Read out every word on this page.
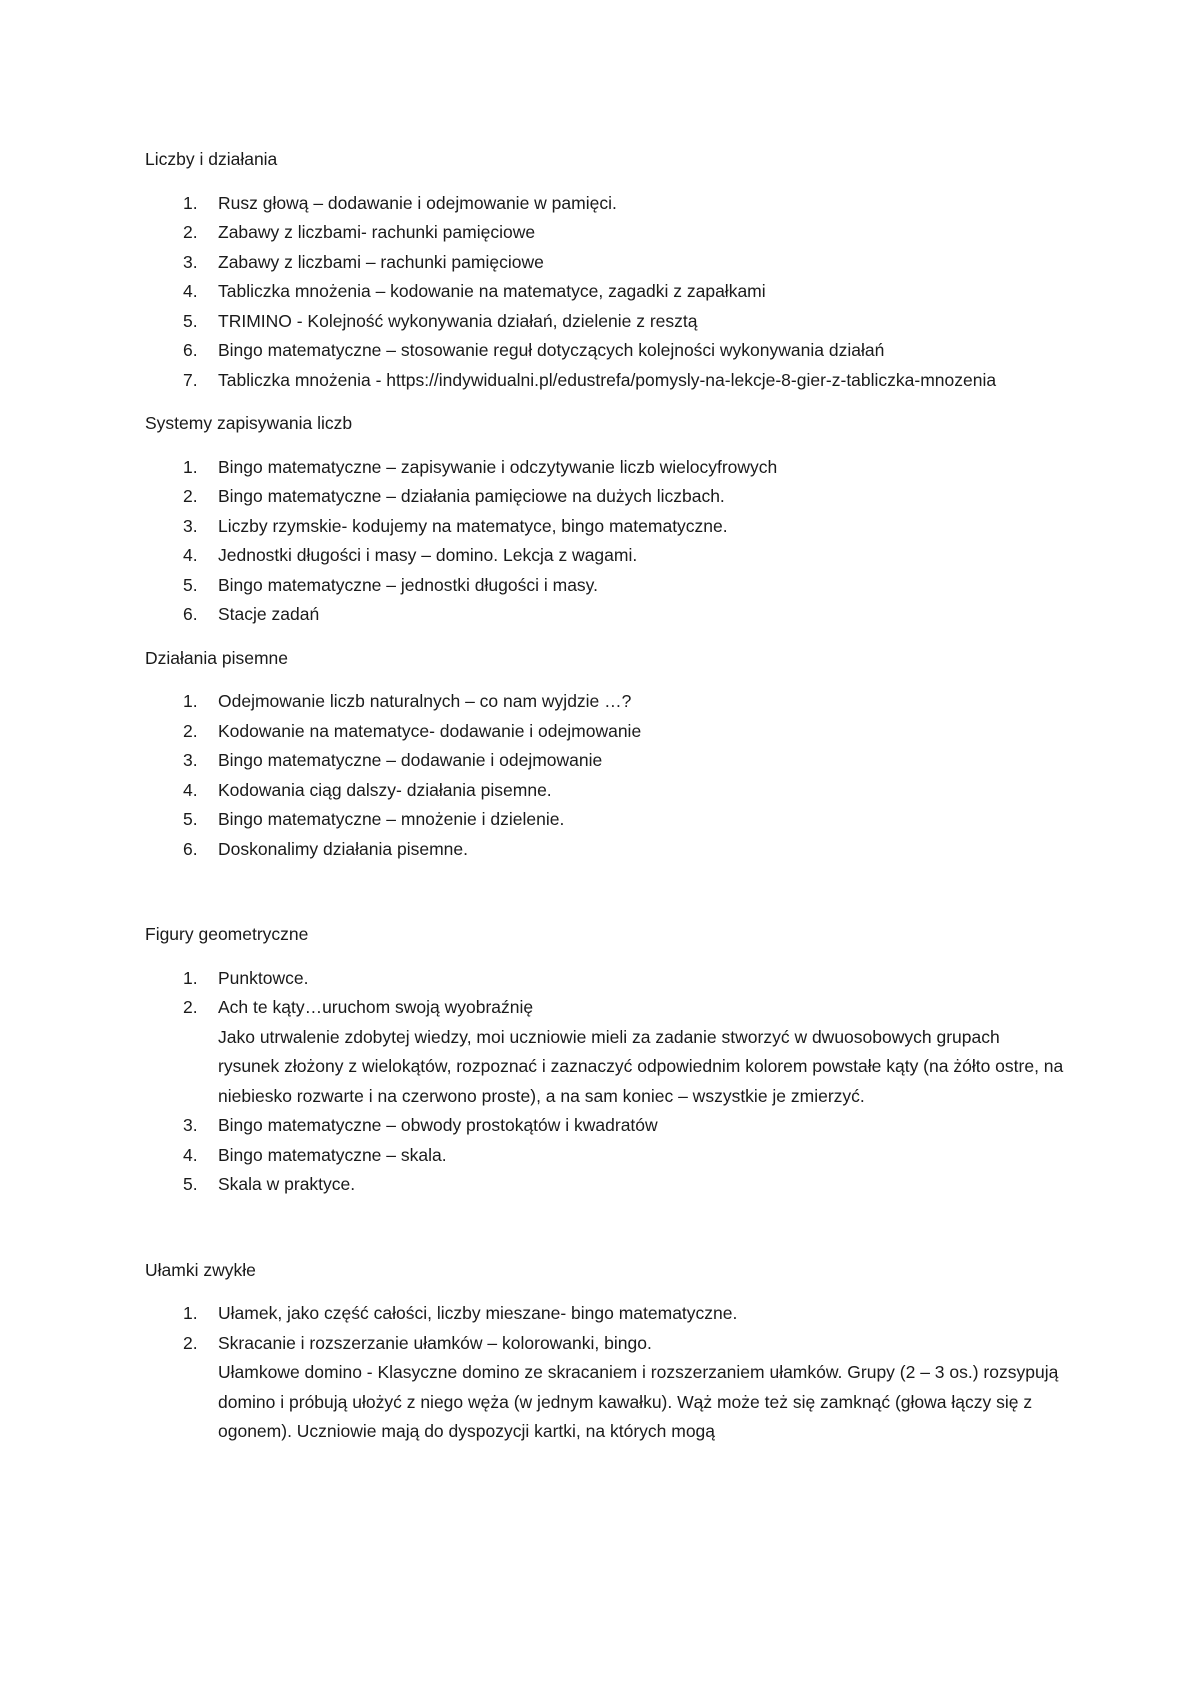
Liczby i działania
1.	Rusz głową – dodawanie i odejmowanie w pamięci.
2.	Zabawy z liczbami- rachunki pamięciowe
3.	Zabawy z liczbami – rachunki pamięciowe
4.	Tabliczka mnożenia – kodowanie na matematyce, zagadki z zapałkami
5.	TRIMINO - Kolejność wykonywania działań, dzielenie z resztą
6.	Bingo matematyczne – stosowanie reguł dotyczących kolejności wykonywania działań
7.	Tabliczka mnożenia - https://indywidualni.pl/edustrefa/pomysly-na-lekcje-8-gier-z-tabliczka-mnozenia
Systemy zapisywania liczb
1.	Bingo matematyczne – zapisywanie i odczytywanie liczb wielocyfrowych
2.	Bingo matematyczne – działania pamięciowe na dużych liczbach.
3.	Liczby rzymskie- kodujemy na matematyce, bingo matematyczne.
4.	Jednostki długości i masy – domino. Lekcja z wagami.
5.	Bingo matematyczne – jednostki długości i masy.
6.	Stacje zadań
Działania pisemne
1.	Odejmowanie liczb naturalnych – co nam wyjdzie …?
2.	Kodowanie na matematyce- dodawanie i odejmowanie
3.	Bingo matematyczne – dodawanie i odejmowanie
4.	Kodowania ciąg dalszy- działania pisemne.
5.	Bingo matematyczne – mnożenie i dzielenie.
6.	Doskonalimy działania pisemne.
Figury geometryczne
1.	Punktowce.
2.	Ach te kąty…uruchom swoją wyobraźnię
Jako utrwalenie zdobytej wiedzy, moi uczniowie mieli za zadanie stworzyć w dwuosobowych grupach rysunek złożony z wielokątów, rozpoznać i zaznaczyć odpowiednim kolorem powstałe kąty (na żółto ostre, na niebiesko rozwarte i na czerwono proste), a na sam koniec – wszystkie je zmierzyć.
3.	Bingo matematyczne – obwody prostokątów i kwadratów
4.	Bingo matematyczne – skala.
5.	Skala w praktyce.
Ułamki zwykłe
1.	Ułamek, jako część całości, liczby mieszane- bingo matematyczne.
2.	Skracanie i rozszerzanie ułamków – kolorowanki, bingo.
Ułamkowe domino - Klasyczne domino ze skracaniem i rozszerzaniem ułamków. Grupy (2 – 3 os.) rozsypują domino i próbują ułożyć z niego węża (w jednym kawałku). Wąż może też się zamknąć (głowa łączy się z ogonem). Uczniowie mają do dyspozycji kartki, na których mogą
